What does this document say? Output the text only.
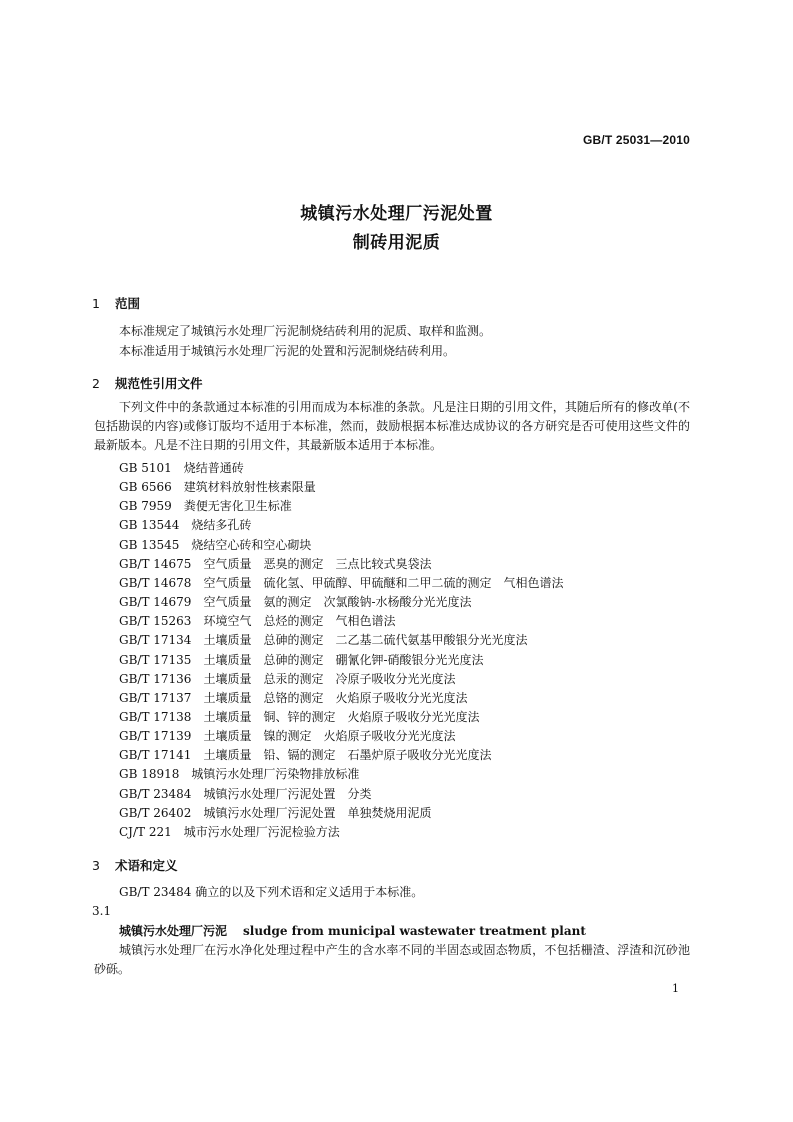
GB/T 25031—2010
城镇污水处理厂污泥处置
制砖用泥质
1 范围
本标准规定了城镇污水处理厂污泥制烧结砖利用的泥质、取样和监测。
本标准适用于城镇污水处理厂污泥的处置和污泥制烧结砖利用。
2 规范性引用文件
下列文件中的条款通过本标准的引用而成为本标准的条款。凡是注日期的引用文件，其随后所有的修改单(不包括勘误的内容)或修订版均不适用于本标准，然而，鼓励根据本标准达成协议的各方研究是否可使用这些文件的最新版本。凡是不注日期的引用文件，其最新版本适用于本标准。
GB 5101　 烧结普通砖
GB 6566　 建筑材料放射性核素限量
GB 7959　 粪便无害化卫生标准
GB 13544　 烧结多孔砖
GB 13545　 烧结空心砖和空心砌块
GB/T 14675　 空气质量　恶臭的测定　三点比较式臭袋法
GB/T 14678　 空气质量　硫化氢、甲硫醇、甲硫醚和二甲二硫的测定　气相色谱法
GB/T 14679　 空气质量　氨的测定　次氯酸钠-水杨酸分光光度法
GB/T 15263　 环境空气　总烃的测定　气相色谱法
GB/T 17134　 土壤质量　总砷的测定　二乙基二硫代氨基甲酸银分光光度法
GB/T 17135　 土壤质量　总砷的测定　硼氰化钾-硝酸银分光光度法
GB/T 17136　 土壤质量　总汞的测定　冷原子吸收分光光度法
GB/T 17137　 土壤质量　总铬的测定　火焰原子吸收分光光度法
GB/T 17138　 土壤质量　铜、锌的测定　火焰原子吸收分光光度法
GB/T 17139　 土壤质量　镍的测定　火焰原子吸收分光光度法
GB/T 17141　 土壤质量　铅、镉的测定　石墨炉原子吸收分光光度法
GB 18918　 城镇污水处理厂污染物排放标准
GB/T 23484　 城镇污水处理厂污泥处置　分类
GB/T 26402　 城镇污水处理厂污泥处置　单独焚烧用泥质
CJ/T 221　 城市污水处理厂污泥检验方法
3 术语和定义
GB/T 23484 确立的以及下列术语和定义适用于本标准。
3.1
城镇污水处理厂污泥 sludge from municipal wastewater treatment plant
城镇污水处理厂在污水净化处理过程中产生的含水率不同的半固态或固态物质，不包括栅渣、浮渣和沉砂池砂砾。
1
